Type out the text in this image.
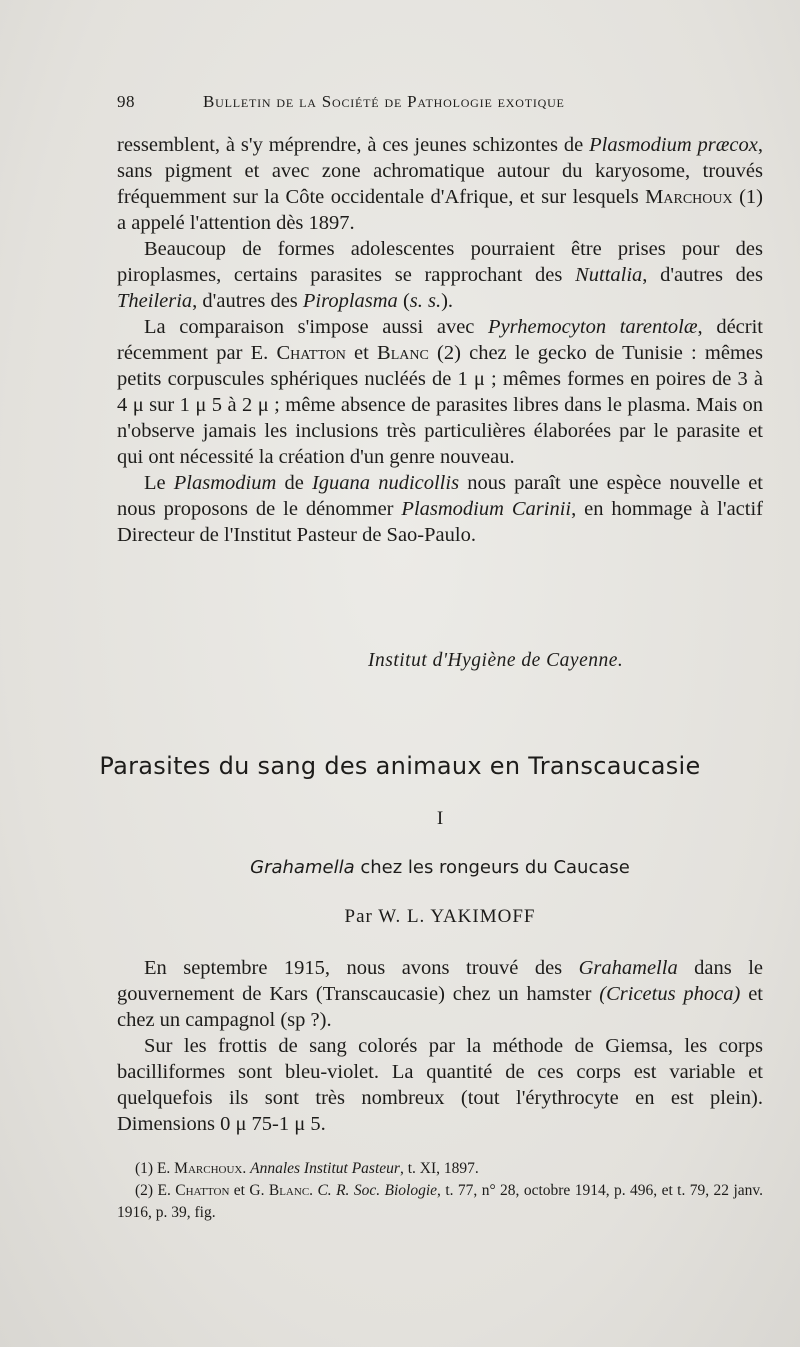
98	Bulletin de la Société de Pathologie exotique

ressemblent, à s'y méprendre, à ces jeunes schizontes de Plasmodium præcox, sans pigment et avec zone achromatique autour du karyosome, trouvés fréquemment sur la Côte occidentale d'Afrique, et sur lesquels Marchoux (1) a appelé l'attention dès 1897.

Beaucoup de formes adolescentes pourraient être prises pour des piroplasmes, certains parasites se rapprochant des Nuttalia, d'autres des Theileria, d'autres des Piroplasma (s. s.).

La comparaison s'impose aussi avec Pyrhemocyton tarentolæ, décrit récemment par E. Chatton et Blanc (2) chez le gecko de Tunisie : mêmes petits corpuscules sphériques nucléés de 1 μ ; mêmes formes en poires de 3 à 4 μ sur 1 μ 5 à 2 μ ; même absence de parasites libres dans le plasma. Mais on n'observe jamais les inclusions très particulières élaborées par le parasite et qui ont nécessité la création d'un genre nouveau.

Le Plasmodium de Iguana nudicollis nous paraît une espèce nouvelle et nous proposons de le dénommer Plasmodium Carinii, en hommage à l'actif Directeur de l'Institut Pasteur de Sao-Paulo.

Institut d'Hygiène de Cayenne.
Parasites du sang des animaux en Transcaucasie
I
Grahamella chez les rongeurs du Caucase
Par W. L. YAKIMOFF

En septembre 1915, nous avons trouvé des Grahamella dans le gouvernement de Kars (Transcaucasie) chez un hamster (Cricetus phoca) et chez un campagnol (sp ?).

Sur les frottis de sang colorés par la méthode de Giemsa, les corps bacilliformes sont bleu-violet. La quantité de ces corps est variable et quelquefois ils sont très nombreux (tout l'érythrocyte en est plein). Dimensions 0 μ 75-1 μ 5.

(1) E. Marchoux. Annales Institut Pasteur, t. XI, 1897.

(2) E. Chatton et G. Blanc. C. R. Soc. Biologie, t. 77, n° 28, octobre 1914, p. 496, et t. 79, 22 janv. 1916, p. 39, fig.
